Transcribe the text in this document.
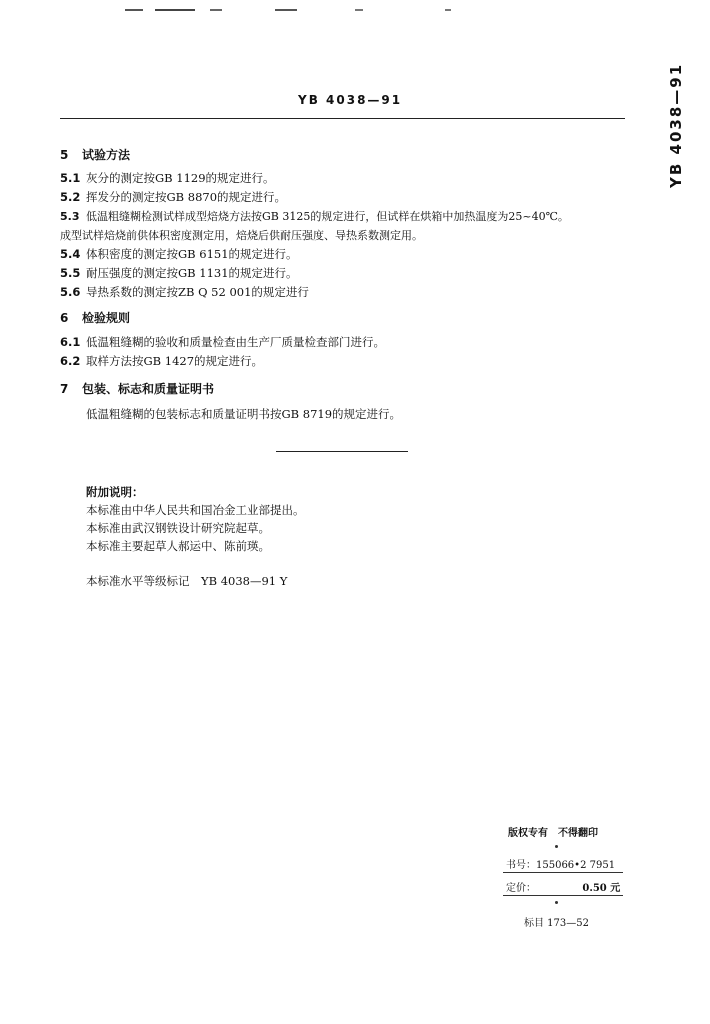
YB 4038—91	YB 4038—91
5 试验方法
5.1 灰分的测定按GB 1129的规定进行。
5.2 挥发分的测定按GB 8870的规定进行。
5.3 低温粗缝糊检测试样成型焙烧方法按GB 3125的规定进行，但试样在烘箱中加热温度为25~40℃。
成型试样焙烧前供体积密度测定用，焙烧后供耐压强度、导热系数测定用。
5.4 体积密度的测定按GB 6151的规定进行。
5.5 耐压强度的测定按GB 1131的规定进行。
5.6 导热系数的测定按ZB Q 52 001的规定进行
6 检验规则
6.1 低温粗缝糊的验收和质量检查由生产厂质量检查部门进行。
6.2 取样方法按GB 1427的规定进行。
7 包装、标志和质量证明书
低温粗缝糊的包装标志和质量证明书按GB 8719的规定进行。
附加说明：
本标准由中华人民共和国冶金工业部提出。
本标准由武汉钢铁设计研究院起草。
本标准主要起草人郝运中、陈前瑛。
本标准水平等级标记　YB 4038—91 Y
版权专有　不得翻印
书号：155066•2 7951
定价：	0.50 元
标目 173—52
